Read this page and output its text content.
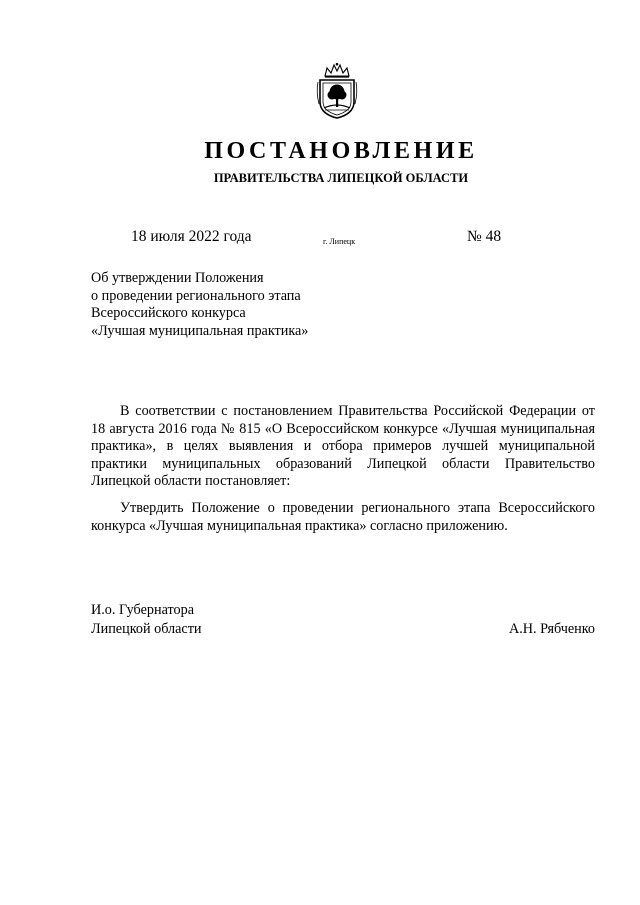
ПОСТАНОВЛЕНИЕ
ПРАВИТЕЛЬСТВА ЛИПЕЦКОЙ ОБЛАСТИ
18 июля 2022 года	г. Липецк	№ 48
Об утверждении Положения
о проведении регионального этапа
Всероссийского конкурса
«Лучшая муниципальная практика»

В соответствии с постановлением Правительства Российской Федерации от 18 августа 2016 года № 815 «О Всероссийском конкурсе «Лучшая муниципальная практика», в целях выявления и отбора примеров лучшей муниципальной практики муниципальных образований Липецкой области Правительство Липецкой области постановляет:

Утвердить Положение о проведении регионального этапа Всероссийского конкурса «Лучшая муниципальная практика» согласно приложению.

И.о. Губернатора
Липецкой области	А.Н. Рябченко
